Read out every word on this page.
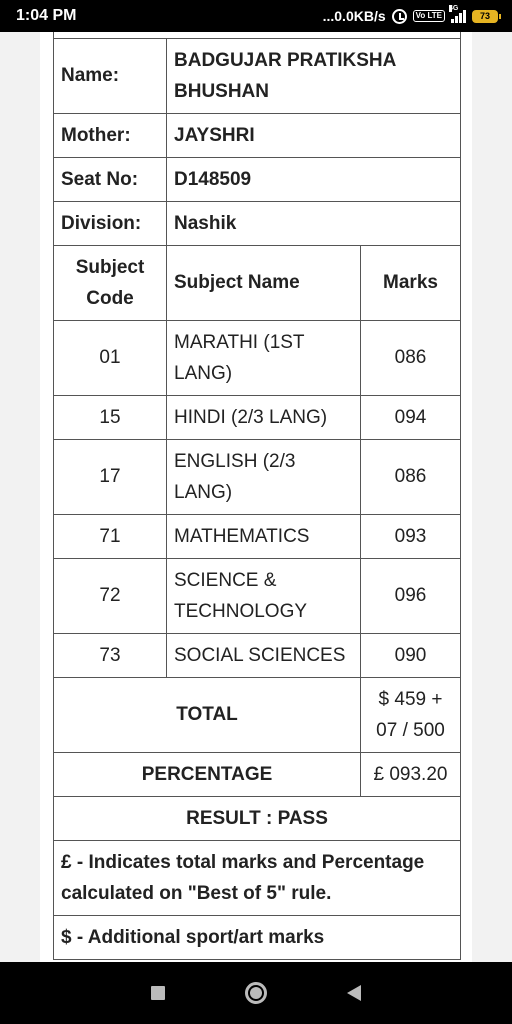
1:04 PM	...0.0KB/s	Vo LTE
4G
73

Name:	BADGUJAR PRATIKSHA BHUSHAN	
Mother:	JAYSHRI	
Seat No:	D148509	
Division:	Nashik	
Subject Code	Subject Name	Marks
01	MARATHI (1ST LANG)	086
15	HINDI (2/3 LANG)	094
17	ENGLISH (2/3 LANG)	086
71	MATHEMATICS	093
72	SCIENCE & TECHNOLOGY	096
73	SOCIAL SCIENCES	090
TOTAL		$ 459 + 07 / 500
PERCENTAGE		£ 093.20
RESULT : PASS		
£ - Indicates total marks and Percentage calculated on "Best of 5" rule.		
$ - Additional sport/art marks		
